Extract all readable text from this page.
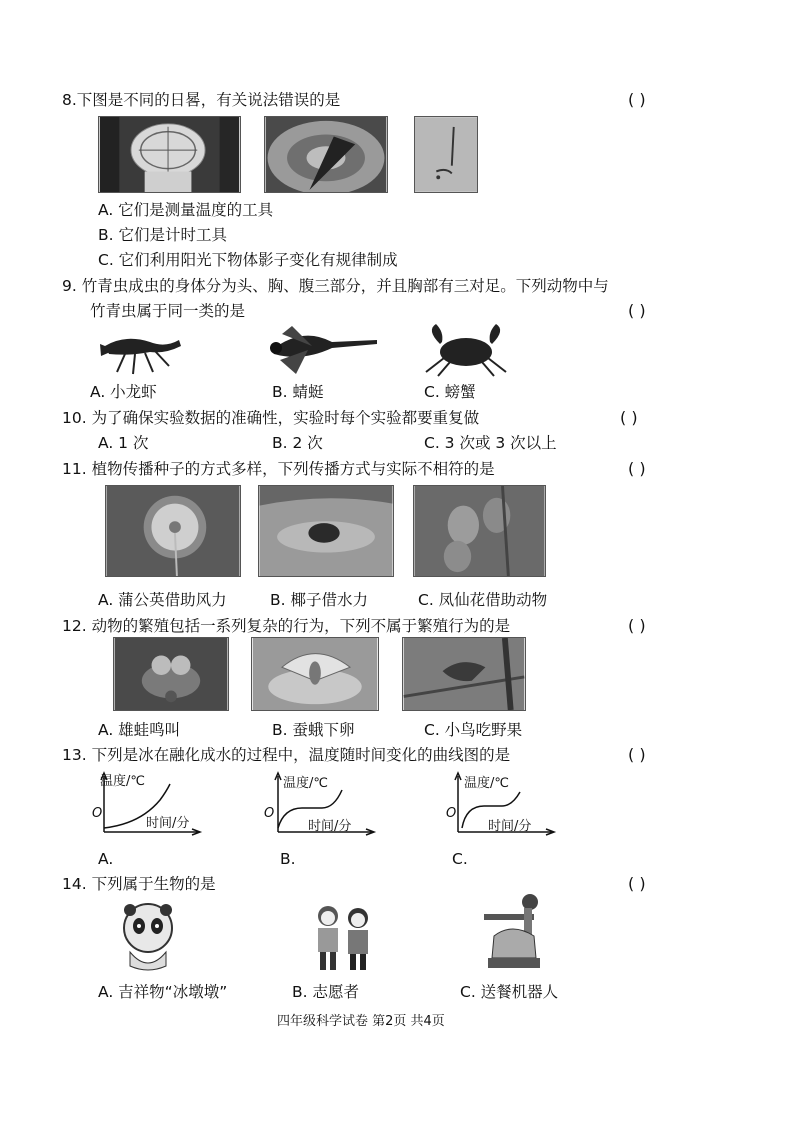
8.下图是不同的日晷，有关说法错误的是	( )
A. 它们是测量温度的工具
B. 它们是计时工具
C. 它们利用阳光下物体影子变化有规律制成
9. 竹青虫成虫的身体分为头、胸、腹三部分，并且胸部有三对足。下列动物中与
竹青虫属于同一类的是	( )
A. 小龙虾	B. 蜻蜓	C. 螃蟹
10. 为了确保实验数据的准确性，实验时每个实验都要重复做	( )
A. 1 次	B. 2 次	C. 3 次或 3 次以上
11. 植物传播种子的方式多样，下列传播方式与实际不相符的是	( )
A. 蒲公英借助风力	B. 椰子借水力	C. 凤仙花借助动物
12. 动物的繁殖包括一系列复杂的行为，下列不属于繁殖行为的是	( )
A. 雄蛙鸣叫	B. 蚕蛾下卵	C. 小鸟吃野果
13. 下列是冰在融化成水的过程中，温度随时间变化的曲线图的是	( )
温度/℃
O
时间/分
温度/℃
O
时间/分
温度/℃
O
时间/分
A.	B.	C.
14. 下列属于生物的是	( )
A. 吉祥物“冰墩墩”	B. 志愿者	C. 送餐机器人
四年级科学试卷 第2页 共4页
